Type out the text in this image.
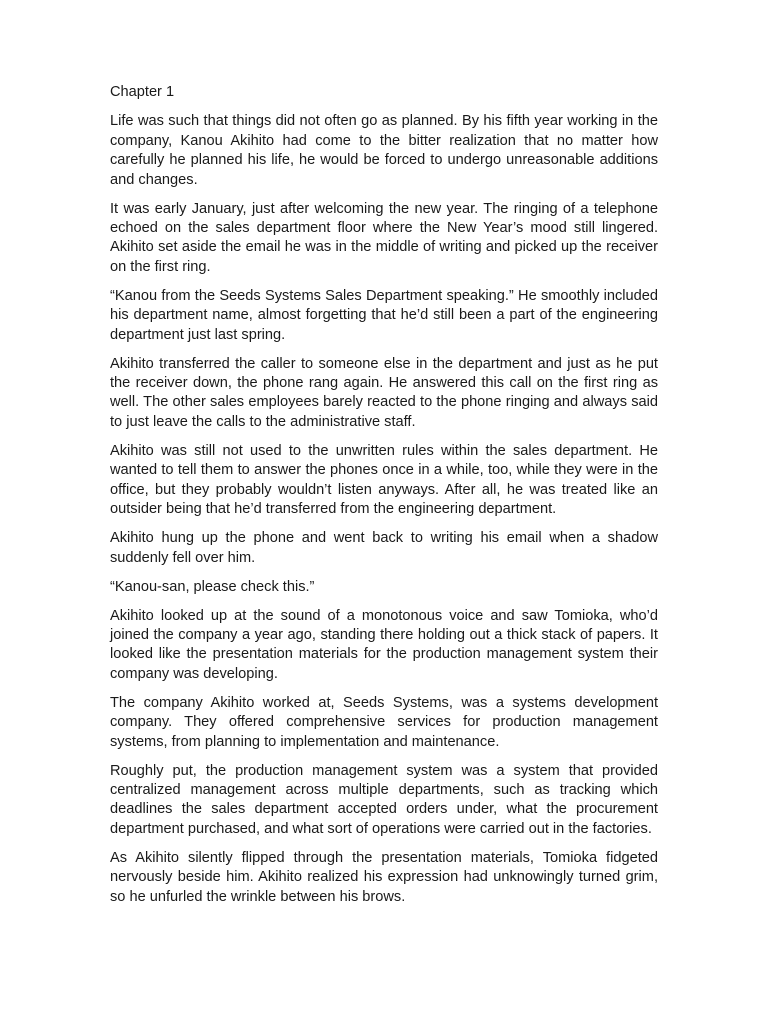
Chapter 1

Life was such that things did not often go as planned. By his fifth year working in the company, Kanou Akihito had come to the bitter realization that no matter how carefully he planned his life, he would be forced to undergo unreasonable additions and changes.

It was early January, just after welcoming the new year. The ringing of a telephone echoed on the sales department floor where the New Year’s mood still lingered. Akihito set aside the email he was in the middle of writing and picked up the receiver on the first ring.

“Kanou from the Seeds Systems Sales Department speaking.” He smoothly included his department name, almost forgetting that he’d still been a part of the engineering department just last spring.

Akihito transferred the caller to someone else in the department and just as he put the receiver down, the phone rang again. He answered this call on the first ring as well. The other sales employees barely reacted to the phone ringing and always said to just leave the calls to the administrative staff.

Akihito was still not used to the unwritten rules within the sales department. He wanted to tell them to answer the phones once in a while, too, while they were in the office, but they probably wouldn’t listen anyways. After all, he was treated like an outsider being that he’d transferred from the engineering department.

Akihito hung up the phone and went back to writing his email when a shadow suddenly fell over him.

“Kanou-san, please check this.”

Akihito looked up at the sound of a monotonous voice and saw Tomioka, who’d joined the company a year ago, standing there holding out a thick stack of papers. It looked like the presentation materials for the production management system their company was developing.

The company Akihito worked at, Seeds Systems, was a systems development company. They offered comprehensive services for production management systems, from planning to implementation and maintenance.

Roughly put, the production management system was a system that provided centralized management across multiple departments, such as tracking which deadlines the sales department accepted orders under, what the procurement department purchased, and what sort of operations were carried out in the factories.

As Akihito silently flipped through the presentation materials, Tomioka fidgeted nervously beside him. Akihito realized his expression had unknowingly turned grim, so he unfurled the wrinkle between his brows.
